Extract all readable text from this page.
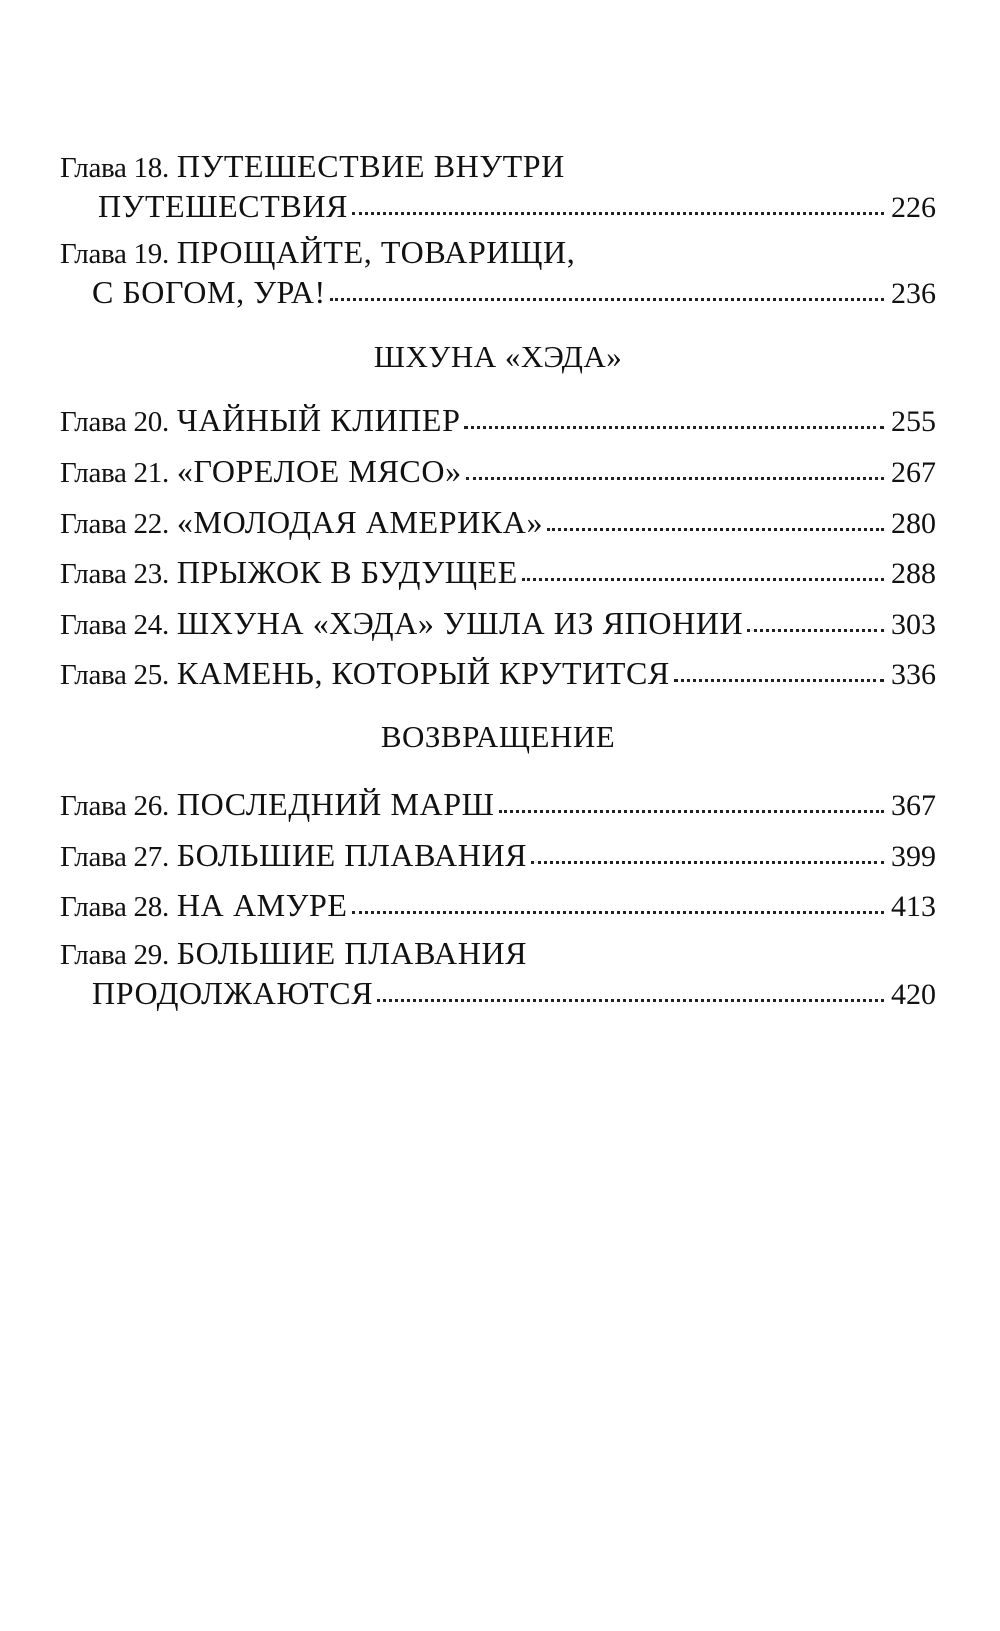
Глава 18.
ПУТЕШЕСТВИЕ ВНУТРИ
ПУТЕШЕСТВИЯ	226
Глава 19.
ПРОЩАЙТЕ, ТОВАРИЩИ,
С БОГОМ, УРА!	236
ШХУНА «ХЭДА»
Глава 20.
ЧАЙНЫЙ КЛИПЕР	255
Глава 21.
«ГОРЕЛОЕ МЯСО»	267
Глава 22.
«МОЛОДАЯ АМЕРИКА»	280
Глава 23.
ПРЫЖОК В БУДУЩЕЕ	288
Глава 24.
ШХУНА «ХЭДА» УШЛА ИЗ ЯПОНИИ	303
Глава 25.
КАМЕНЬ, КОТОРЫЙ КРУТИТСЯ	336
ВОЗВРАЩЕНИЕ
Глава 26.
ПОСЛЕДНИЙ МАРШ	367
Глава 27.
БОЛЬШИЕ ПЛАВАНИЯ	399
Глава 28.
НА АМУРЕ	413
Глава 29.
БОЛЬШИЕ ПЛАВАНИЯ
ПРОДОЛЖАЮТСЯ	420
